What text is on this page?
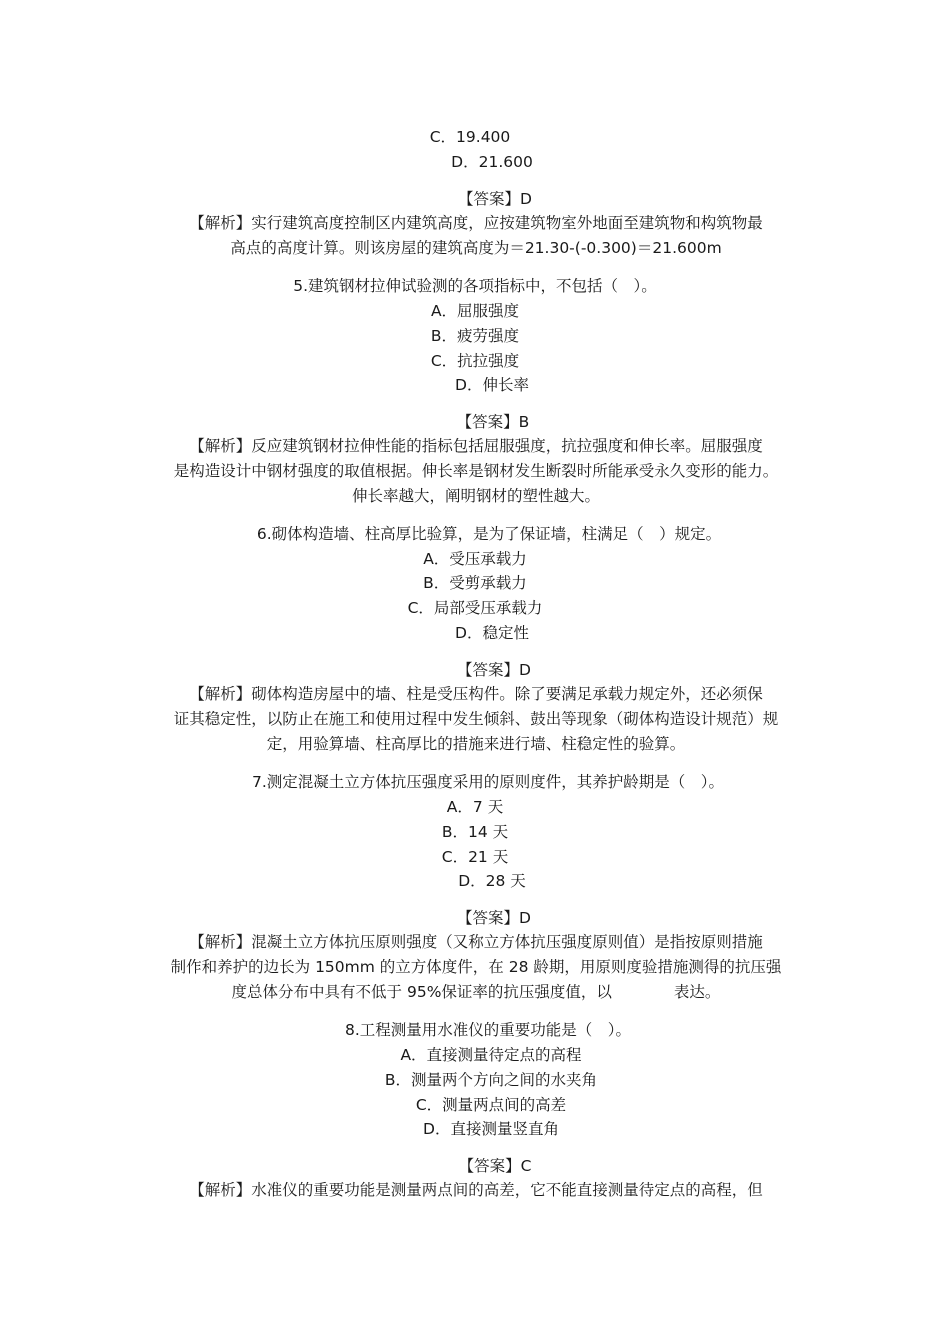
C．19.400
D．21.600
【答案】D

【解析】实行建筑高度控制区内建筑高度，应按建筑物室外地面至建筑物和构筑物最

高点的高度计算。则该房屋的建筑高度为＝21.30-(-0.300)＝21.600m

5.建筑钢材拉伸试验测的各项指标中，不包括（　）。
A．屈服强度
B．疲劳强度
C．抗拉强度
D．伸长率
【答案】B

【解析】反应建筑钢材拉伸性能的指标包括屈服强度，抗拉强度和伸长率。屈服强度

是构造设计中钢材强度的取值根据。伸长率是钢材发生断裂时所能承受永久变形的能力。

伸长率越大，阐明钢材的塑性越大。

6.砌体构造墙、柱高厚比验算，是为了保证墙，柱满足（　）规定。
A．受压承载力
B．受剪承载力
C．局部受压承载力
D．稳定性
【答案】D

【解析】砌体构造房屋中的墙、柱是受压构件。除了要满足承载力规定外，还必须保

证其稳定性，以防止在施工和使用过程中发生倾斜、鼓出等现象（砌体构造设计规范）规

定，用验算墙、柱高厚比的措施来进行墙、柱稳定性的验算。

7.测定混凝土立方体抗压强度采用的原则度件，其养护龄期是（　）。
A．7 天
B．14 天
C．21 天
D．28 天
【答案】D

【解析】混凝土立方体抗压原则强度（又称立方体抗压强度原则值）是指按原则措施

制作和养护的边长为 150mm 的立方体度件，在 28 龄期，用原则度验措施测得的抗压强

度总体分布中具有不低于 95%保证率的抗压强度值，以　　　　表达。

8.工程测量用水准仪的重要功能是（　）。
A．直接测量待定点的高程
B．测量两个方向之间的水夹角
C．测量两点间的高差
D．直接测量竖直角
【答案】C

【解析】水准仪的重要功能是测量两点间的高差，它不能直接测量待定点的高程，但
